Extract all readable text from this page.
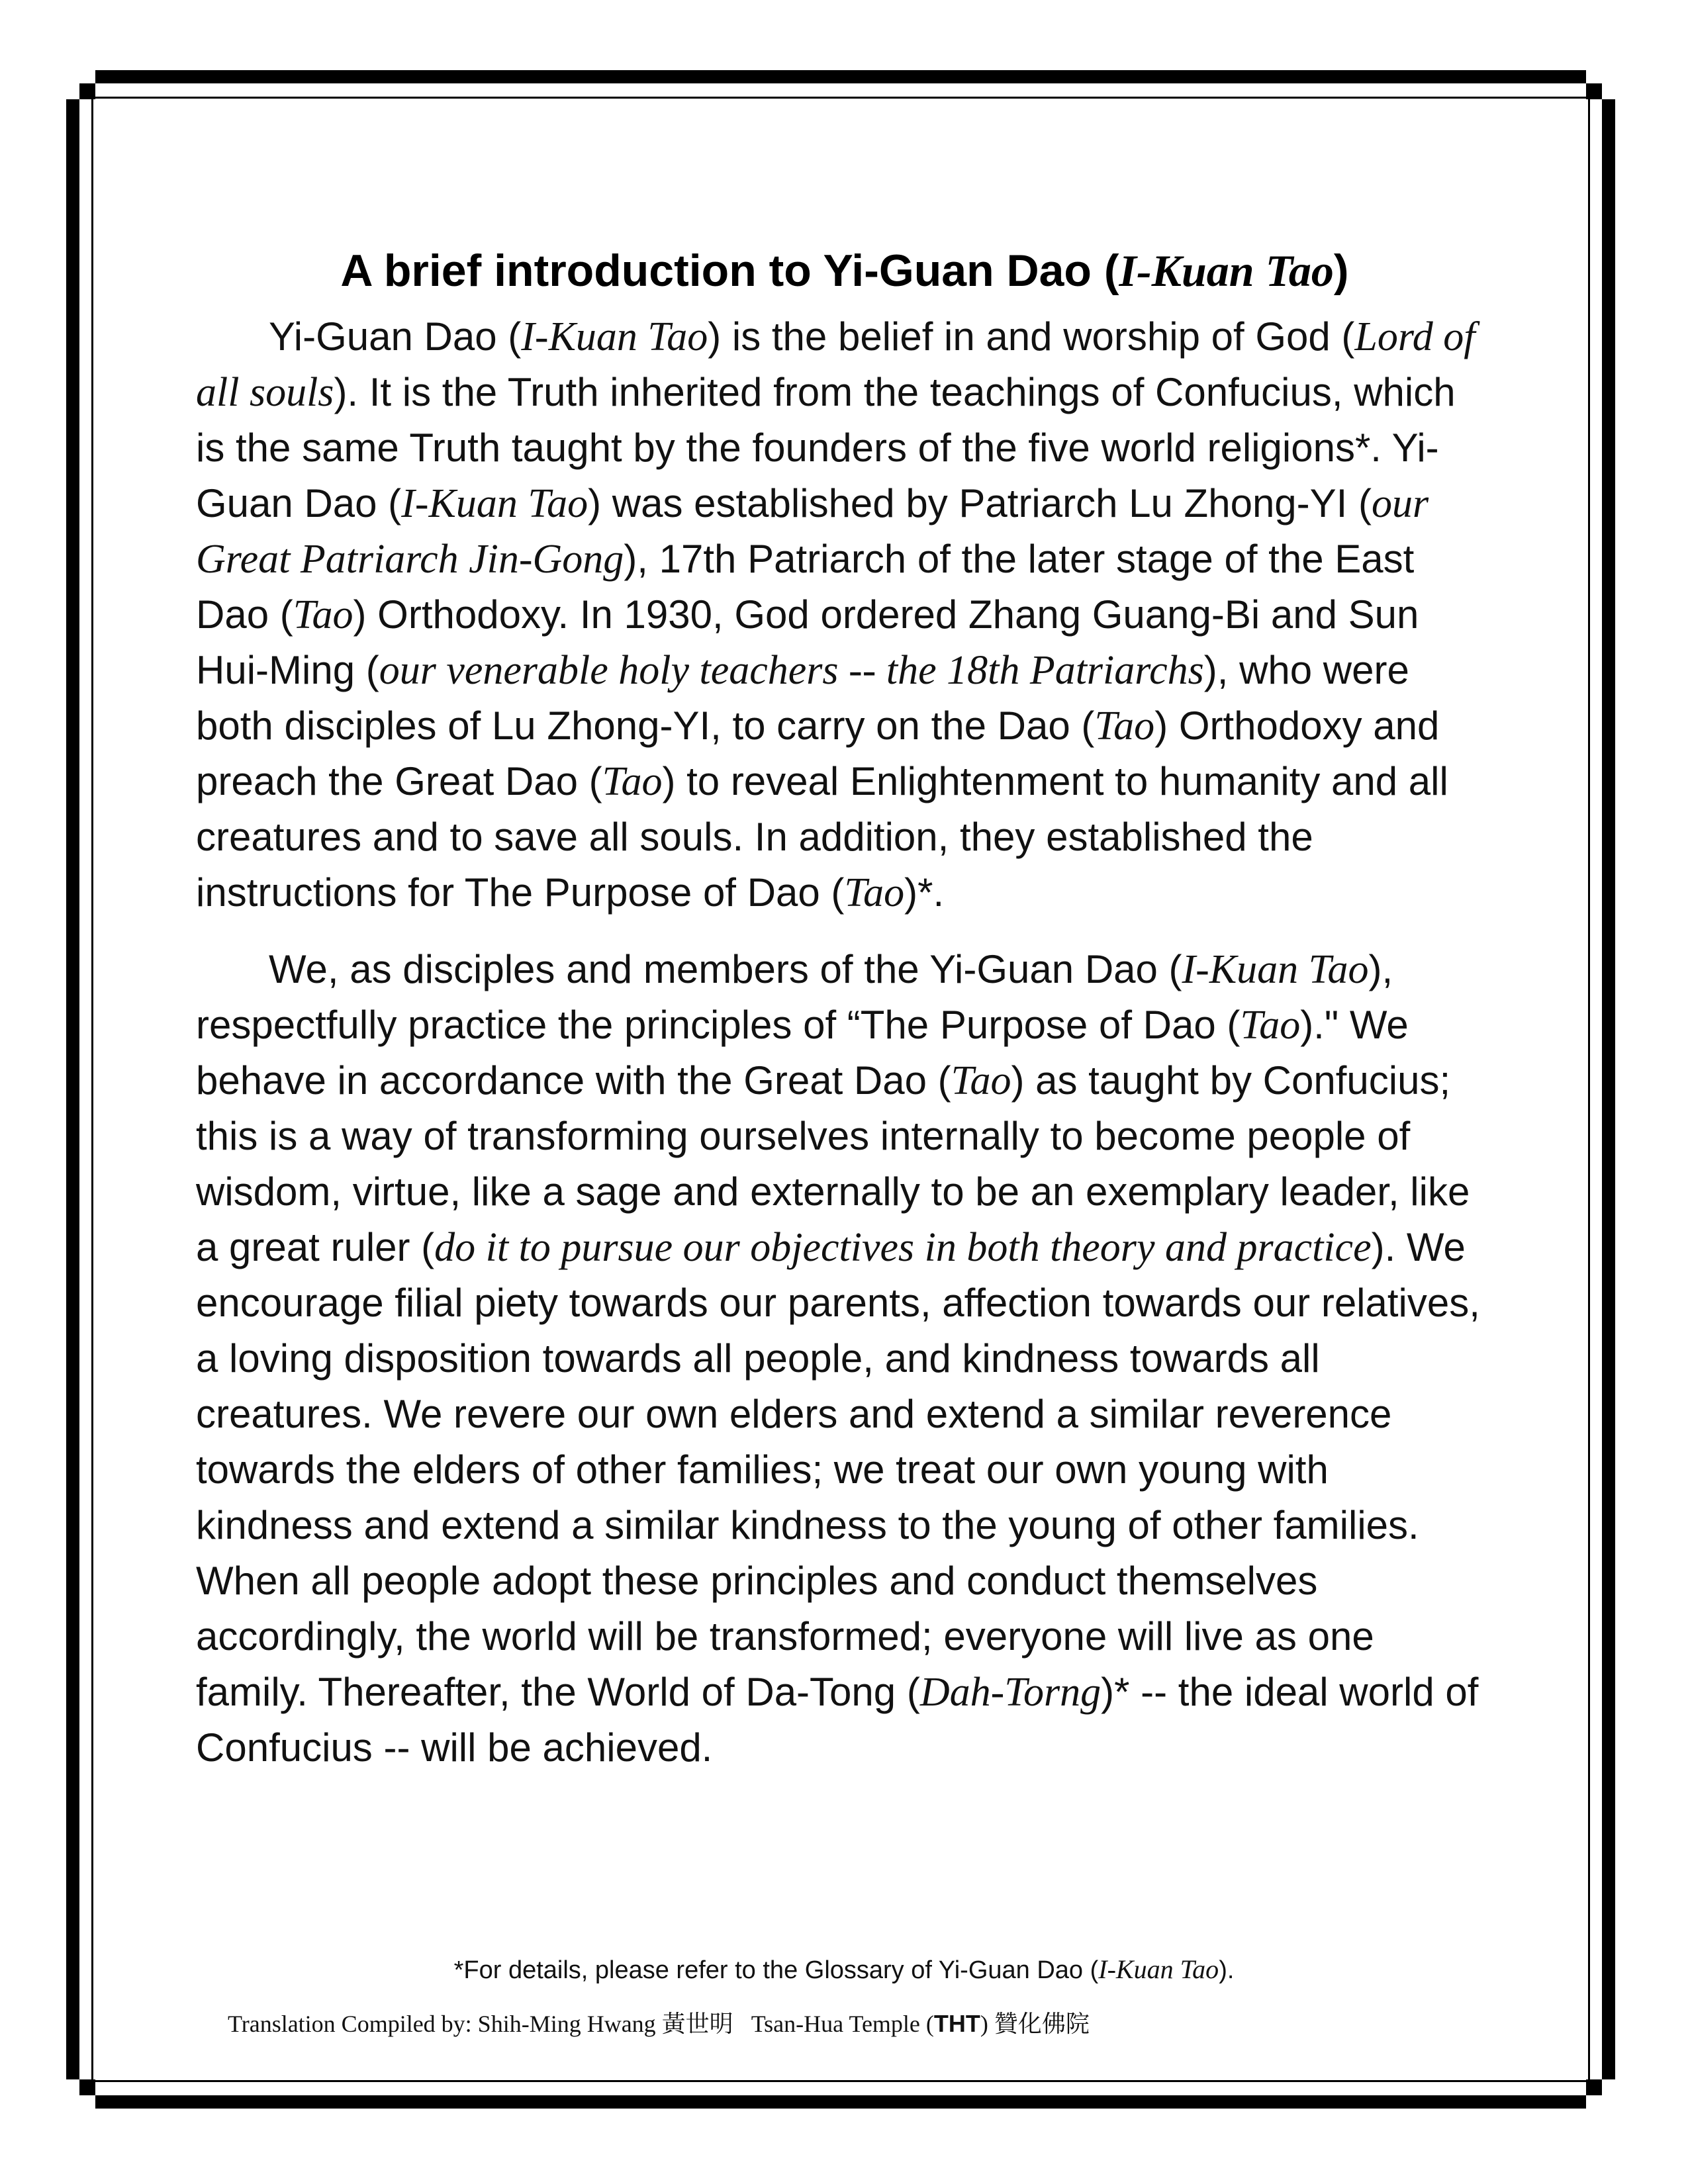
A brief introduction to Yi-Guan Dao (I-Kuan Tao)

Yi-Guan Dao (I-Kuan Tao) is the belief in and worship of God (Lord of all souls). It is the Truth inherited from the teachings of Confucius, which is the same Truth taught by the founders of the five world religions*. Yi-Guan Dao (I-Kuan Tao) was established by Patriarch Lu Zhong-YI (our Great Patriarch Jin-Gong), 17th Patriarch of the later stage of the East Dao (Tao) Orthodoxy. In 1930, God ordered Zhang Guang-Bi and Sun Hui-Ming (our venerable holy teachers -- the 18th Patriarchs), who were both disciples of Lu Zhong-YI, to carry on the Dao (Tao) Orthodoxy and preach the Great Dao (Tao) to reveal Enlightenment to humanity and all creatures and to save all souls. In addition, they established the instructions for The Purpose of Dao (Tao)*.

We, as disciples and members of the Yi-Guan Dao (I-Kuan Tao), respectfully practice the principles of “The Purpose of Dao (Tao)." We behave in accordance with the Great Dao (Tao) as taught by Confucius; this is a way of transforming ourselves internally to become people of wisdom, virtue, like a sage and externally to be an exemplary leader, like a great ruler (do it to pursue our objectives in both theory and practice). We encourage filial piety towards our parents, affection towards our relatives, a loving disposition towards all people, and kindness towards all creatures. We revere our own elders and extend a similar reverence towards the elders of other families; we treat our own young with kindness and extend a similar kindness to the young of other families. When all people adopt these principles and conduct themselves accordingly, the world will be transformed; everyone will live as one family. Thereafter, the World of Da-Tong (Dah-Torng)* -- the ideal world of Confucius -- will be achieved.

*For details, please refer to the Glossary of Yi-Guan Dao (I-Kuan Tao).
Translation Compiled by: Shih-Ming Hwang 黃世明 Tsan-Hua Temple (THT) 贊化佛院
